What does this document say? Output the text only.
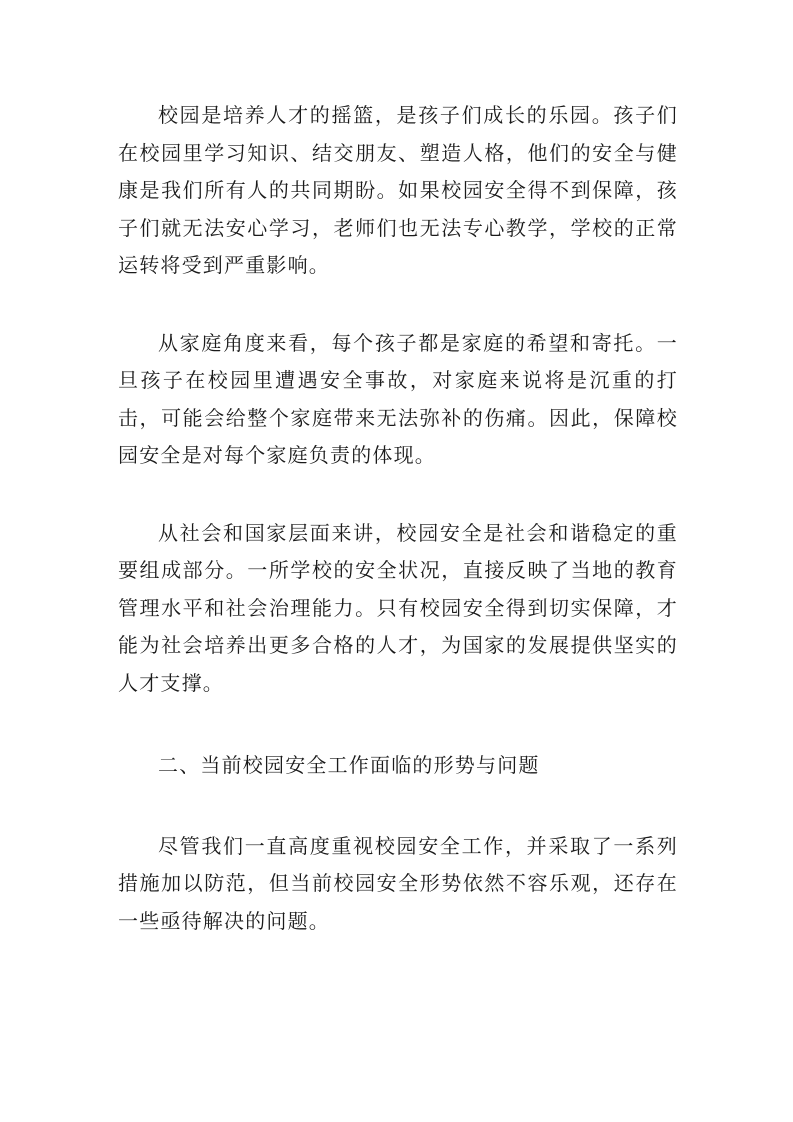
校园是培养人才的摇篮，是孩子们成长的乐园。孩子们在校园里学习知识、结交朋友、塑造人格，他们的安全与健康是我们所有人的共同期盼。如果校园安全得不到保障，孩子们就无法安心学习，老师们也无法专心教学，学校的正常运转将受到严重影响。

从家庭角度来看，每个孩子都是家庭的希望和寄托。一旦孩子在校园里遭遇安全事故，对家庭来说将是沉重的打击，可能会给整个家庭带来无法弥补的伤痛。因此，保障校园安全是对每个家庭负责的体现。

从社会和国家层面来讲，校园安全是社会和谐稳定的重要组成部分。一所学校的安全状况，直接反映了当地的教育管理水平和社会治理能力。只有校园安全得到切实保障，才能为社会培养出更多合格的人才，为国家的发展提供坚实的人才支撑。

二、当前校园安全工作面临的形势与问题

尽管我们一直高度重视校园安全工作，并采取了一系列措施加以防范，但当前校园安全形势依然不容乐观，还存在一些亟待解决的问题。
